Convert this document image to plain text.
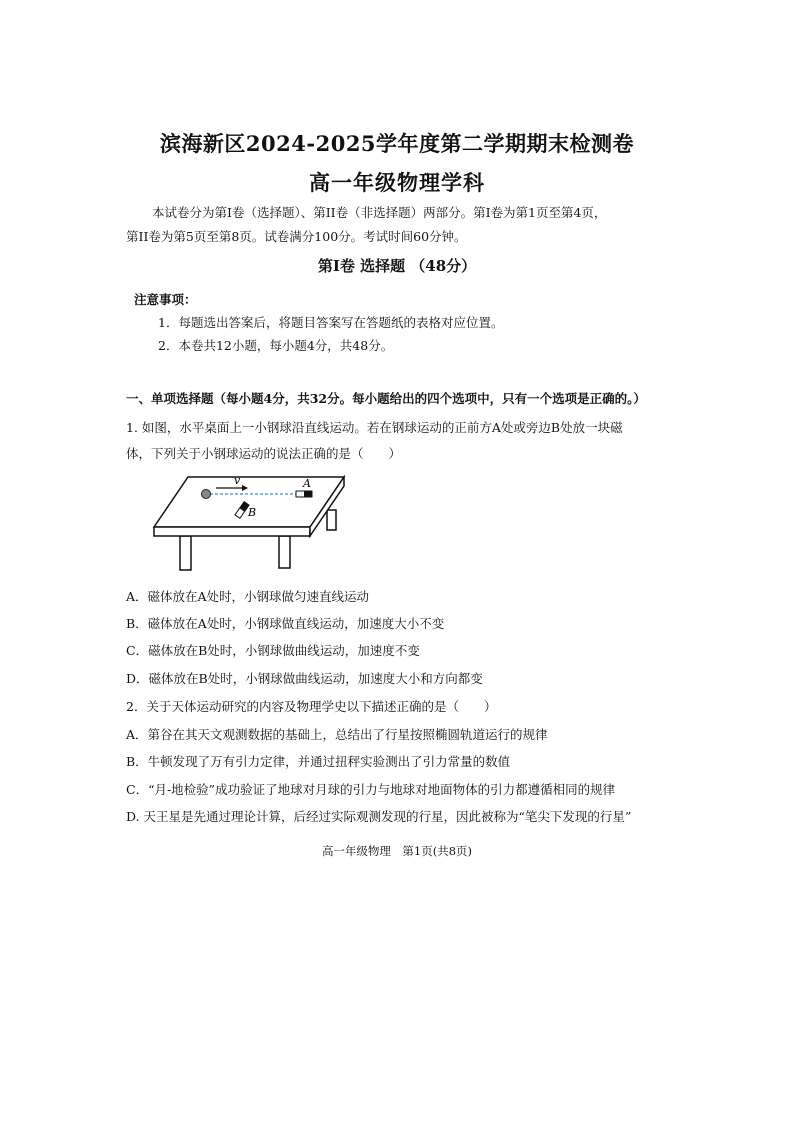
滨海新区2024-2025学年度第二学期期末检测卷
高一年级物理学科
本试卷分为第I卷（选择题）、第II卷（非选择题）两部分。第I卷为第1页至第4页，
第II卷为第5页至第8页。试卷满分100分。考试时间60分钟。
第I卷 选择题 （48分）
注意事项：
1．每题选出答案后，将题目答案写在答题纸的表格对应位置。
2．本卷共12小题，每小题4分，共48分。
一、单项选择题（每小题4分，共32分。每小题给出的四个选项中，只有一个选项是正确的。）
1. 如图，水平桌面上一小钢球沿直线运动。若在钢球运动的正前方A处或旁边B处放一块磁
体，下列关于小钢球运动的说法正确的是（　　）
v	A
B
A．磁体放在A处时，小钢球做匀速直线运动
B．磁体放在A处时，小钢球做直线运动，加速度大小不变
C．磁体放在B处时，小钢球做曲线运动，加速度不变
D．磁体放在B处时，小钢球做曲线运动，加速度大小和方向都变
2．关于天体运动研究的内容及物理学史以下描述正确的是（　　）
A．第谷在其天文观测数据的基础上，总结出了行星按照椭圆轨道运行的规律
B．牛顿发现了万有引力定律，并通过扭秤实验测出了引力常量的数值
C．“月-地检验”成功验证了地球对月球的引力与地球对地面物体的引力都遵循相同的规律
D. 天王星是先通过理论计算，后经过实际观测发现的行星，因此被称为“笔尖下发现的行星”
高一年级物理　第1页(共8页)
